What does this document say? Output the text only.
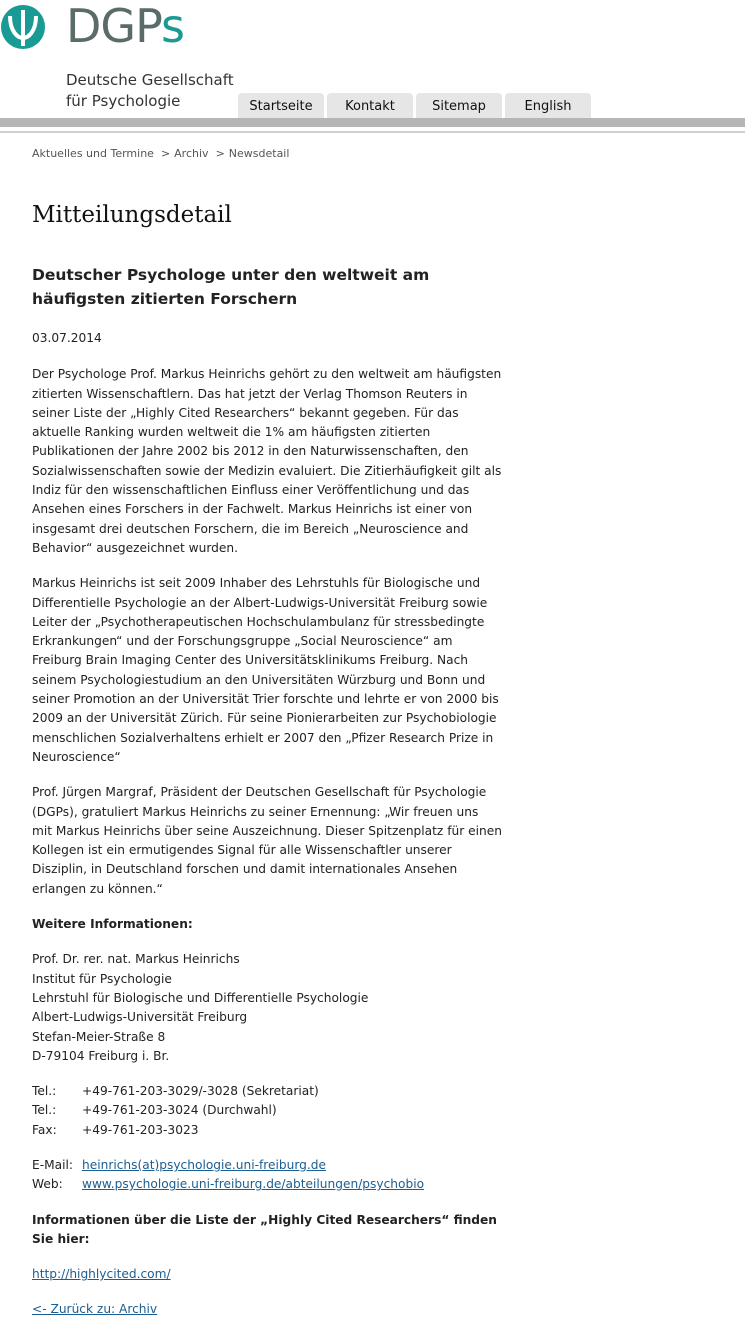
DGPs
Deutsche Gesellschaft
für Psychologie	Startseite	Kontakt	Sitemap	English
Aktuelles und Termine > Archiv > Newsdetail
Mitteilungsdetail
Deutscher Psychologe unter den weltweit am häufigsten zitierten Forschern
03.07.2014
Der Psychologe Prof. Markus Heinrichs gehört zu den weltweit am häufigsten zitierten Wissenschaftlern. Das hat jetzt der Verlag Thomson Reuters in seiner Liste der „Highly Cited Researchers“ bekannt gegeben. Für das aktuelle Ranking wurden weltweit die 1% am häufigsten zitierten Publikationen der Jahre 2002 bis 2012 in den Naturwissenschaften, den Sozialwissenschaften sowie der Medizin evaluiert. Die Zitierhäufigkeit gilt als Indiz für den wissenschaftlichen Einfluss einer Veröffentlichung und das Ansehen eines Forschers in der Fachwelt. Markus Heinrichs ist einer von insgesamt drei deutschen Forschern, die im Bereich „Neuroscience and Behavior“ ausgezeichnet wurden.
Markus Heinrichs ist seit 2009 Inhaber des Lehrstuhls für Biologische und Differentielle Psychologie an der Albert-Ludwigs-Universität Freiburg sowie Leiter der „Psychotherapeutischen Hochschulambulanz für stressbedingte Erkrankungen“ und der Forschungsgruppe „Social Neuroscience“ am Freiburg Brain Imaging Center des Universitätsklinikums Freiburg. Nach seinem Psychologiestudium an den Universitäten Würzburg und Bonn und seiner Promotion an der Universität Trier forschte und lehrte er von 2000 bis 2009 an der Universität Zürich. Für seine Pionierarbeiten zur Psychobiologie menschlichen Sozialverhaltens erhielt er 2007 den „Pfizer Research Prize in Neuroscience“
Prof. Jürgen Margraf, Präsident der Deutschen Gesellschaft für Psychologie (DGPs), gratuliert Markus Heinrichs zu seiner Ernennung: „Wir freuen uns mit Markus Heinrichs über seine Auszeichnung. Dieser Spitzenplatz für einen Kollegen ist ein ermutigendes Signal für alle Wissenschaftler unserer Disziplin, in Deutschland forschen und damit internationales Ansehen erlangen zu können.“
Weitere Informationen:
Prof. Dr. rer. nat. Markus Heinrichs
Institut für Psychologie
Lehrstuhl für Biologische und Differentielle Psychologie
Albert-Ludwigs-Universität Freiburg
Stefan-Meier-Straße 8
D-79104 Freiburg i. Br.
Tel.:	+49-761-203-3029/-3028 (Sekretariat)
Tel.:	+49-761-203-3024 (Durchwahl)
Fax:	+49-761-203-3023
E-Mail: heinrichs(at)psychologie.uni-freiburg.de
Web: www.psychologie.uni-freiburg.de/abteilungen/psychobio
Informationen über die Liste der „Highly Cited Researchers“ finden Sie hier:
http://highlycited.com/
<- Zurück zu: Archiv
